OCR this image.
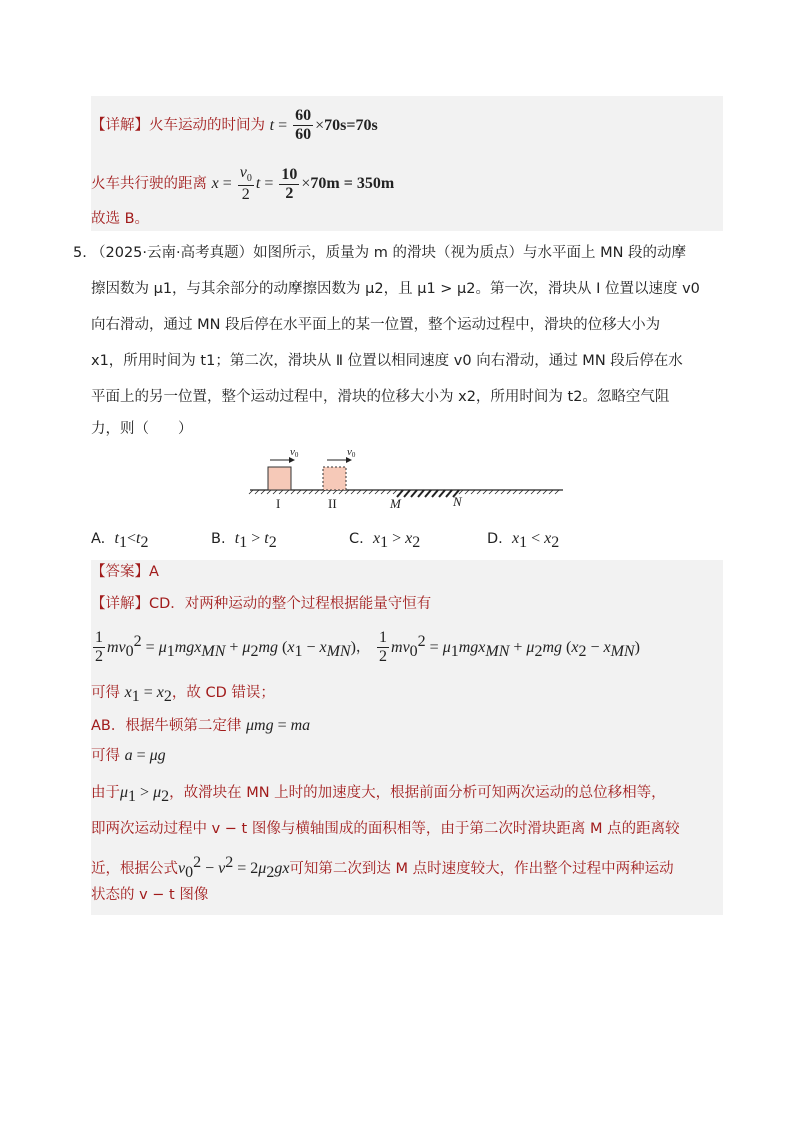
【详解】火车运动的时间为 $t = \frac{60}{60} \times 70s=70s$
火车共行驶的距离 $x = \frac{v_0}{2}$ $t = \frac{10}{2} \times 70m = 350m$
故选 B。
5. （2025·云南·高考真题）如图所示，质量为 m 的滑块（视为质点）与水平面上 MN 段的动摩
擦因数为 μ1，与其余部分的动摩擦因数为 μ2，且 μ1 > μ2。第一次，滑块从 I 位置以速度 v0
向右滑动，通过 MN 段后停在水平面上的某一位置，整个运动过程中，滑块的位移大小为
x1，所用时间为 t1；第二次，滑块从 Ⅱ 位置以相同速度 v0 向右滑动，通过 MN 段后停在水
平面上的另一位置，整个运动过程中，滑块的位移大小为 x2，所用时间为 t2。忽略空气阻
力，则（　　）
v0	v0
I	II	M	N
A.  $t_1<t_2$	B.  $t_1 > t_2$	C.  $x_1 > x_2$	D.  $x_1 < x_2$
【答案】A
【详解】CD．对两种运动的整个过程根据能量守恒有
$\frac{1}{2} mv_0^2 = \mu_1mgx_{MN} + \mu_2mg$ $(x_1 - x_{MN})$， $\frac{1}{2} mv_0^2 = \mu_1mgx_{MN} + \mu_2mg$ $(x_2 - x_{MN})$
可得 $x_1 = x_2$，故 CD 错误；
AB．根据牛顿第二定律 μmg = ma
可得 a = μg
由于$\mu_1 > \mu_2$，故滑块在 MN 上时的加速度大，根据前面分析可知两次运动的总位移相等，
即两次运动过程中 v − t 图像与横轴围成的面积相等，由于第二次时滑块距离 M 点的距离较
近，根据公式$v_0^2 - v^2 = 2\mu_2gx$可知第二次到达 M 点时速度较大，作出整个过程中两种运动
状态的 v − t 图像
